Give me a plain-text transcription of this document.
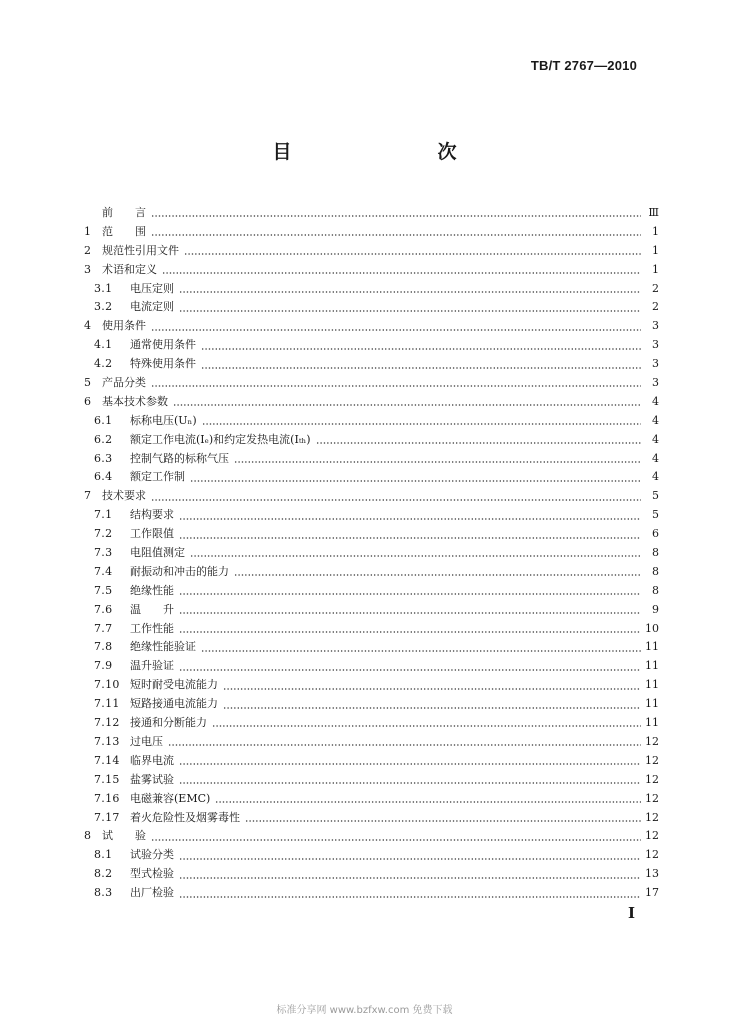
TB/T 2767—2010
目　　次
前　　言	Ⅲ
1	范　　围	1
2	规范性引用文件	1
3	术语和定义	1
3.1	电压定则	2
3.2	电流定则	2
4	使用条件	3
4.1	通常使用条件	3
4.2	特殊使用条件	3
5	产品分类	3
6	基本技术参数	4
6.1	标称电压(Uₙ)	4
6.2	额定工作电流(Iₑ)和约定发热电流(Iₜₕ)	4
6.3	控制气路的标称气压	4
6.4	额定工作制	4
7	技术要求	5
7.1	结构要求	5
7.2	工作限值	6
7.3	电阻值测定	8
7.4	耐振动和冲击的能力	8
7.5	绝缘性能	8
7.6	温　　升	9
7.7	工作性能	10
7.8	绝缘性能验证	11
7.9	温升验证	11
7.10 短时耐受电流能力	11
7.11 短路接通电流能力	11
7.12 接通和分断能力	11
7.13 过电压	12
7.14 临界电流	12
7.15 盐雾试验	12
7.16 电磁兼容(EMC)	12
7.17 着火危险性及烟雾毒性	12
8	试　　验	12
8.1	试验分类	12
8.2	型式检验	13
8.3	出厂检验	17
Ⅰ
标准分享网 www.bzfxw.com 免费下载
